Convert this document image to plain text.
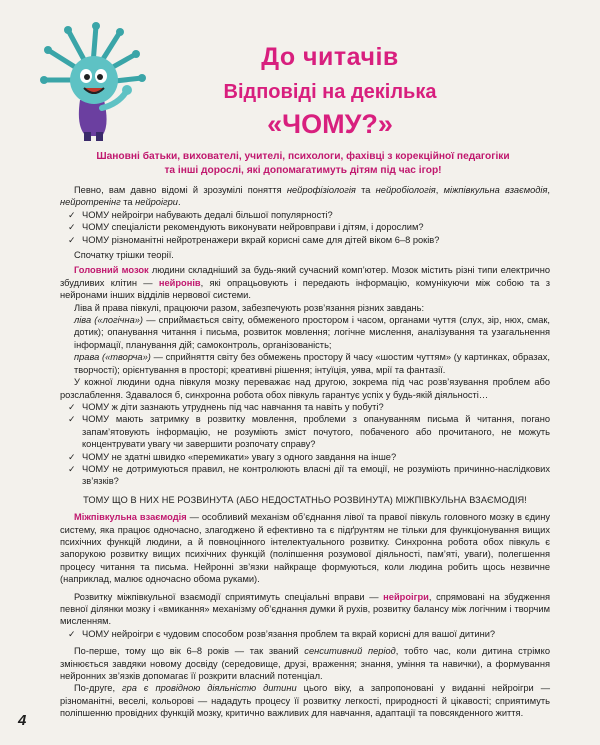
До читачів
Відповіді на декілька
«ЧОМУ?»
Шановні батьки, вихователі, учителі, психологи, фахівці з корекційної педагогіки
та інші дорослі, які допомагатимуть дітям під час ігор!

Певно, вам давно відомі й зрозумілі поняття нейрофізіологія та нейробіологія, міжпівкульна взаємодія, нейротренінг та нейроігри.

✓ ЧОМУ нейроігри набувають дедалі більшої популярності?
✓ ЧОМУ спеціалісти рекомендують виконувати нейровправи і дітям, і дорослим?
✓ ЧОМУ різноманітні нейротренажери вкрай корисні саме для дітей віком 6–8 років?

Спочатку трішки теорії.

Головний мозок людини складніший за будь-який сучасний комп’ютер. Мозок містить різні типи електрично збудливих клітин — нейронів, які опрацьовують і передають інформацію, комунікуючи між собою та з нейронами інших відділів нервової системи.

Ліва й права півкулі, працюючи разом, забезпечують розв’язання різних завдань:

ліва («логічна») — сприймається світу, обмеженого простором і часом, органами чуття (слух, зір, нюх, смак, дотик); опанування читання і письма, розвиток мовлення; логічне мислення, аналізування та узагальнення інформації, планування дій; самоконтроль, організованість;

права («творча») — сприйняття світу без обмежень простору й часу «шостим чуттям» (у картинках, образах, творчості); орієнтування в просторі; креативні рішення; інтуїція, уява, мрії та фантазії.

У кожної людини одна півкуля мозку переважає над другою, зокрема під час розв’язування проблем або розслаблення. Здавалося б, синхронна робота обох півкуль гарантує успіх у будь-якій діяльності…

✓ ЧОМУ ж діти зазнають утруднень під час навчання та навіть у побуті?
✓ ЧОМУ мають затримку в розвитку мовлення, проблеми з опануванням письма й читання, погано запам’ятовують інформацію, не розуміють зміст почутого, побаченого або прочитаного, не можуть концентрувати увагу чи завершити розпочату справу?
✓ ЧОМУ не здатні швидко «перемикати» увагу з одного завдання на інше?
✓ ЧОМУ не дотримуються правил, не контролюють власні дії та емоції, не розуміють причинно-наслідкових зв’язків?

ТОМУ ЩО В НИХ НЕ РОЗВИНУТА (АБО НЕДОСТАТНЬО РОЗВИНУТА) МІЖПІВКУЛЬНА ВЗАЄМОДІЯ!

Міжпівкульна взаємодія — особливий механізм об’єднання лівої та правої півкуль головного мозку в єдину систему, яка працює одночасно, злагоджено й ефективно та є підґрунтям не тільки для функціонування вищих психічних функцій людини, а й повноцінного інтелектуального розвитку. Синхронна робота обох півкуль є запорукою розвитку вищих психічних функцій (поліпшення розумової діяльності, пам’яті, уваги), полегшення процесу читання та письма. Нейронні зв’язки найкраще формуються, коли людина робить щось незвичне (наприклад, малює одночасно обома руками).

Розвитку міжпівкульної взаємодії сприятимуть спеціальні вправи — нейроігри, спрямовані на збудження певної ділянки мозку і «вмикання» механізму об’єднання думки й рухів, розвитку балансу між логічним і творчим мисленням.

✓ ЧОМУ нейроігри є чудовим способом розв’язання проблем та вкрай корисні для вашої дитини?

По-перше, тому що вік 6–8 років — так званий сенситивний період, тобто час, коли дитина стрімко змінюється завдяки новому досвіду (середовище, друзі, враження; знання, уміння та навички), а формування нейронних зв’язків допомагає її розкрити власний потенціал.

По-друге, гра є провідною діяльністю дитини цього віку, а запропоновані у виданні нейроігри — різноманітні, веселі, кольорові — нададуть процесу її розвитку легкості, природності й цікавості; сприятимуть поліпшенню провідних функцій мозку, критично важливих для навчання, адаптації та повсякденного життя.

4
